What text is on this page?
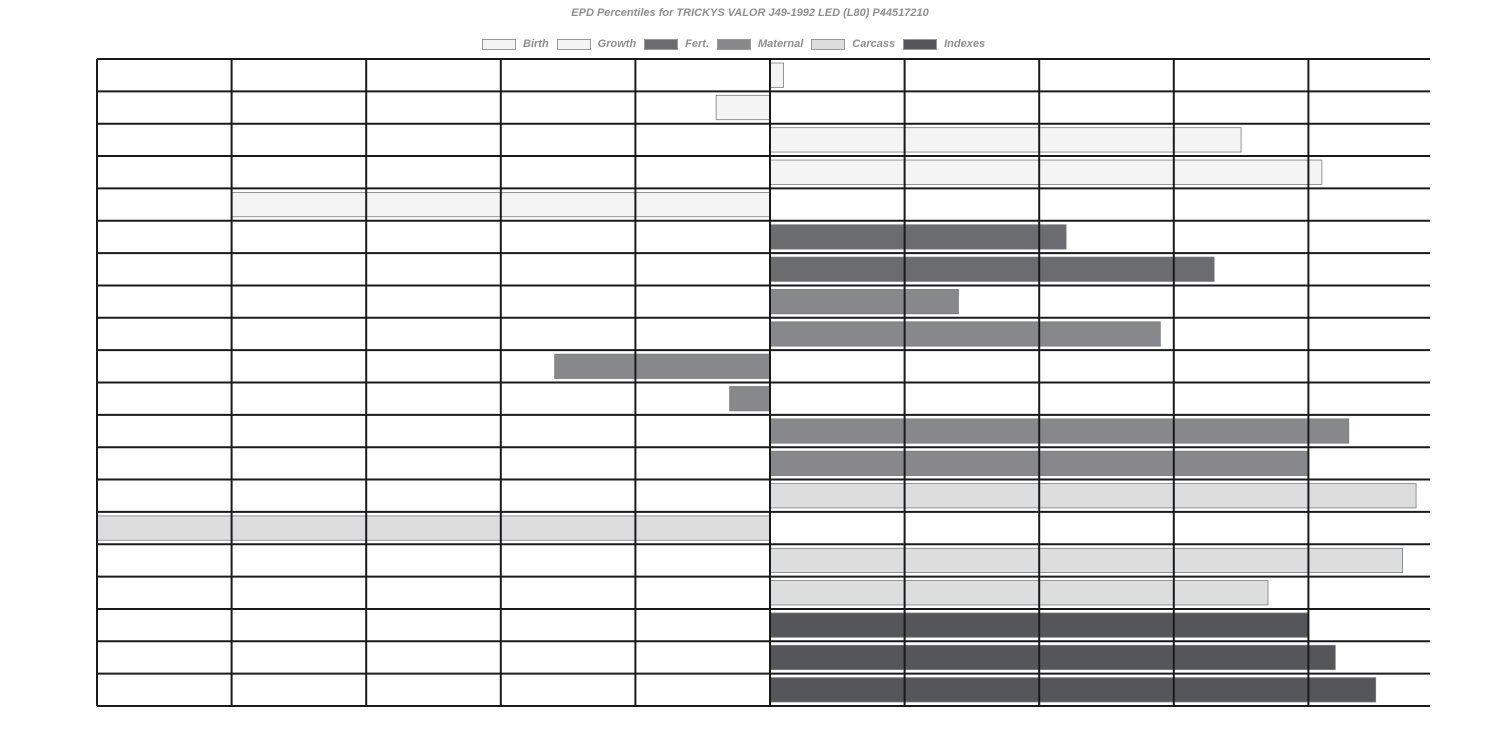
EPD Percentiles for TRICKYS VALOR J49-1992 LED (L80) P44517210
Birth	Growth	Fert.	Maternal	Carcass	Indexes
